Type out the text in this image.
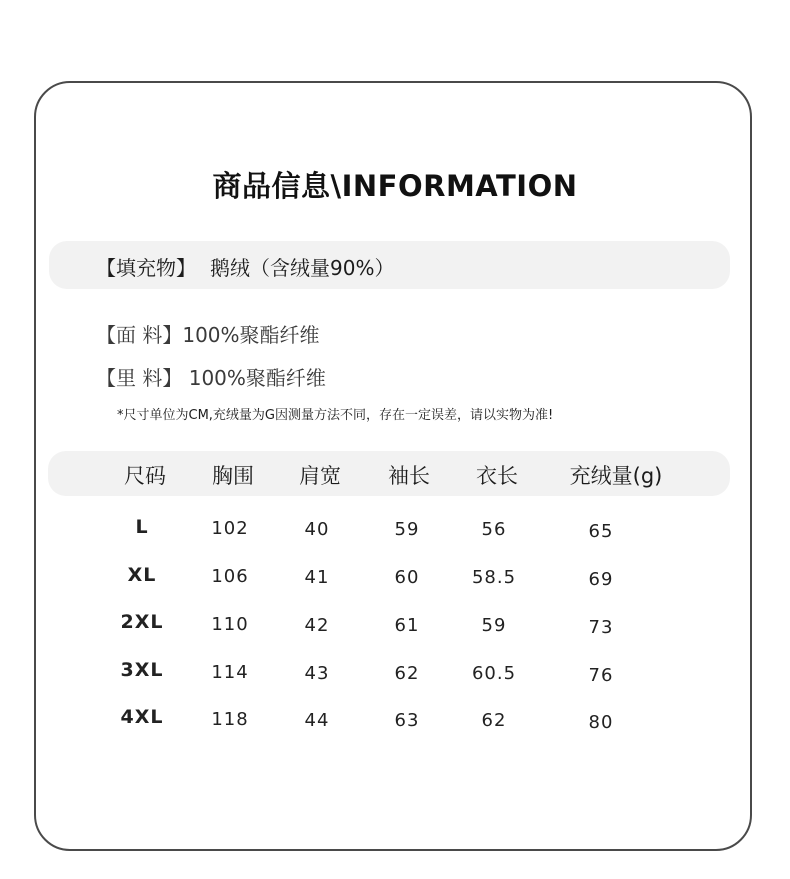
商品信息\INFORMATION
【填充物】 鹅绒（含绒量90%）
【面 料】100%聚酯纤维
【里 料】 100%聚酯纤维
*尺寸单位为CM,充绒量为G因测量方法不同，存在一定误差，请以实物为准!
尺码 胸围 肩宽 袖长 衣长 充绒量(g)
L	102	40	59	56	65
XL	106	41	60	58.5	69
2XL	110	42	61	59	73
3XL	114	43	62	60.5	76
4XL	118	44	63	62	80
